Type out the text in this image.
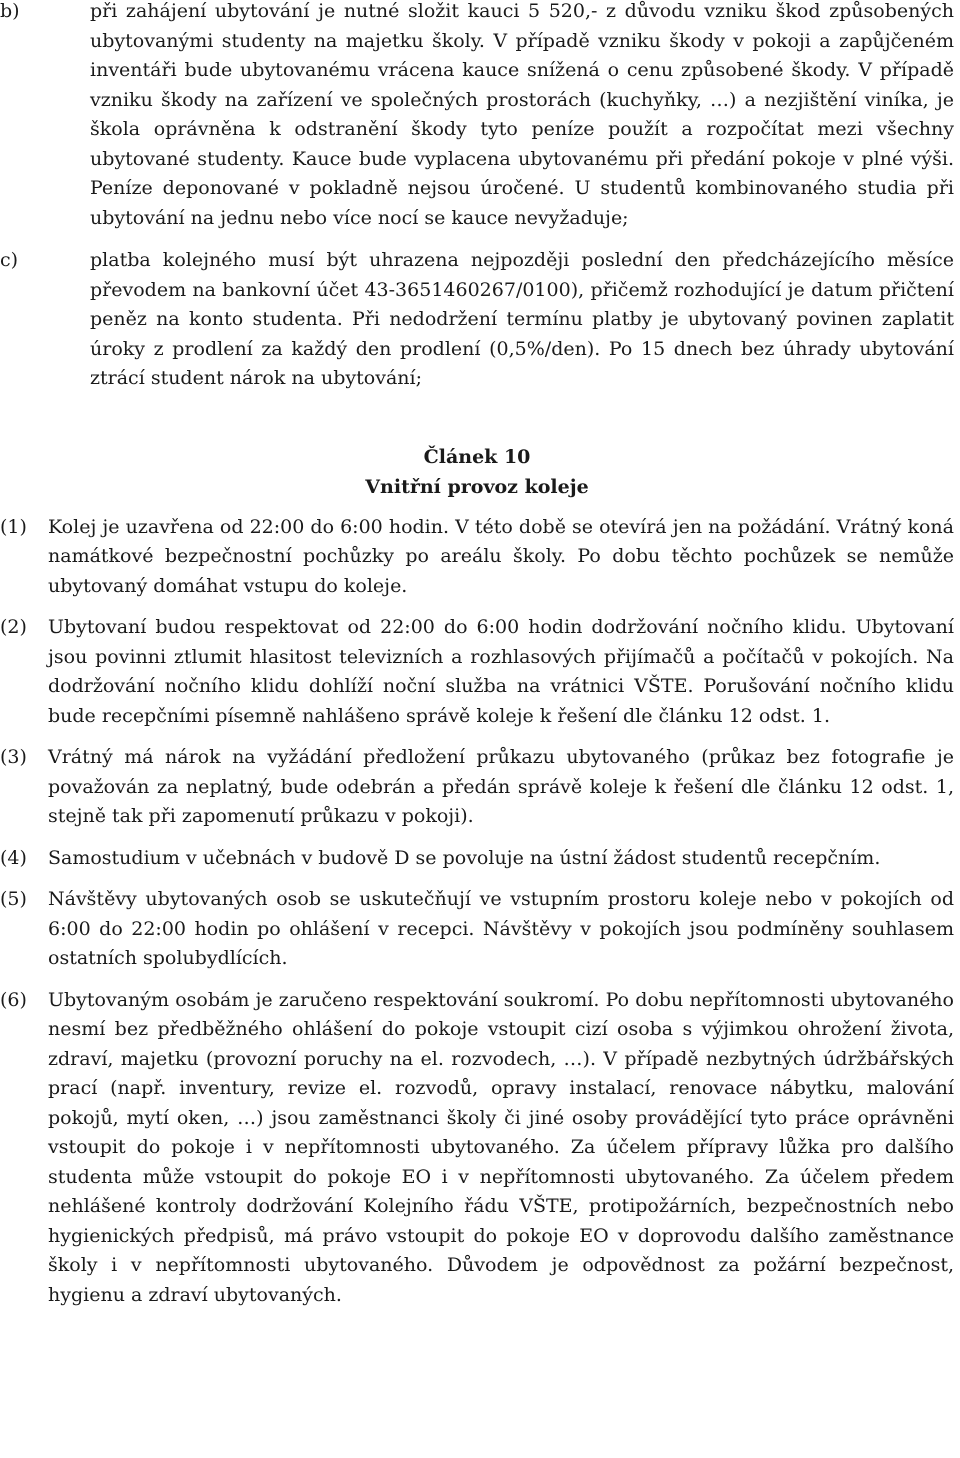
b)	při zahájení ubytování je nutné složit kauci 5 520,- z důvodu vzniku škod způsobených ubytovanými studenty na majetku školy. V případě vzniku škody v pokoji a zapůjčeném inventáři bude ubytovanému vrácena kauce snížená o cenu způsobené škody. V případě vzniku škody na zařízení ve společných prostorách (kuchyňky, …) a nezjištění viníka, je škola oprávněna k odstranění škody tyto peníze použít a rozpočítat mezi všechny ubytované studenty. Kauce bude vyplacena ubytovanému při předání pokoje v plné výši. Peníze deponované v pokladně nejsou úročené. U studentů kombinovaného studia při ubytování na jednu nebo více nocí se kauce nevyžaduje;
c)	platba kolejného musí být uhrazena nejpozději poslední den předcházejícího měsíce převodem na bankovní účet 43-3651460267/0100), přičemž rozhodující je datum přičtení peněz na konto studenta. Při nedodržení termínu platby je ubytovaný povinen zaplatit úroky z prodlení za každý den prodlení (0,5%/den). Po 15 dnech bez úhrady ubytování ztrácí student nárok na ubytování;
Článek 10
Vnitřní provoz koleje
(1)	Kolej je uzavřena od 22:00 do 6:00 hodin. V této době se otevírá jen na požádání. Vrátný koná namátkové bezpečnostní pochůzky po areálu školy. Po dobu těchto pochůzek se nemůže ubytovaný domáhat vstupu do koleje.
(2)	Ubytovaní budou respektovat od 22:00 do 6:00 hodin dodržování nočního klidu. Ubytovaní jsou povinni ztlumit hlasitost televizních a rozhlasových přijímačů a počítačů v pokojích. Na dodržování nočního klidu dohlíží noční služba na vrátnici VŠTE. Porušování nočního klidu bude recepčními písemně nahlášeno správě koleje k řešení dle článku 12 odst. 1.
(3)	Vrátný má nárok na vyžádání předložení průkazu ubytovaného (průkaz bez fotografie je považován za neplatný, bude odebrán a předán správě koleje k řešení dle článku 12 odst. 1, stejně tak při zapomenutí průkazu v pokoji).
(4)	Samostudium v učebnách v budově D se povoluje na ústní žádost studentů recepčním.
(5)	Návštěvy ubytovaných osob se uskutečňují ve vstupním prostoru koleje nebo v pokojích od 6:00 do 22:00 hodin po ohlášení v recepci. Návštěvy v pokojích jsou podmíněny souhlasem ostatních spolubydlících.
(6)	Ubytovaným osobám je zaručeno respektování soukromí. Po dobu nepřítomnosti ubytovaného nesmí bez předběžného ohlášení do pokoje vstoupit cizí osoba s výjimkou ohrožení života, zdraví, majetku (provozní poruchy na el. rozvodech, …). V případě nezbytných údržbářských prací (např. inventury, revize el. rozvodů, opravy instalací, renovace nábytku, malování pokojů, mytí oken, …) jsou zaměstnanci školy či jiné osoby provádějící tyto práce oprávněni vstoupit do pokoje i v nepřítomnosti ubytovaného. Za účelem přípravy lůžka pro dalšího studenta může vstoupit do pokoje EO i v nepřítomnosti ubytovaného. Za účelem předem nehlášené kontroly dodržování Kolejního řádu VŠTE, protipožárních, bezpečnostních nebo hygienických předpisů, má právo vstoupit do pokoje EO v doprovodu dalšího zaměstnance školy i v nepřítomnosti ubytovaného. Důvodem je odpovědnost za požární bezpečnost, hygienu a zdraví ubytovaných.
